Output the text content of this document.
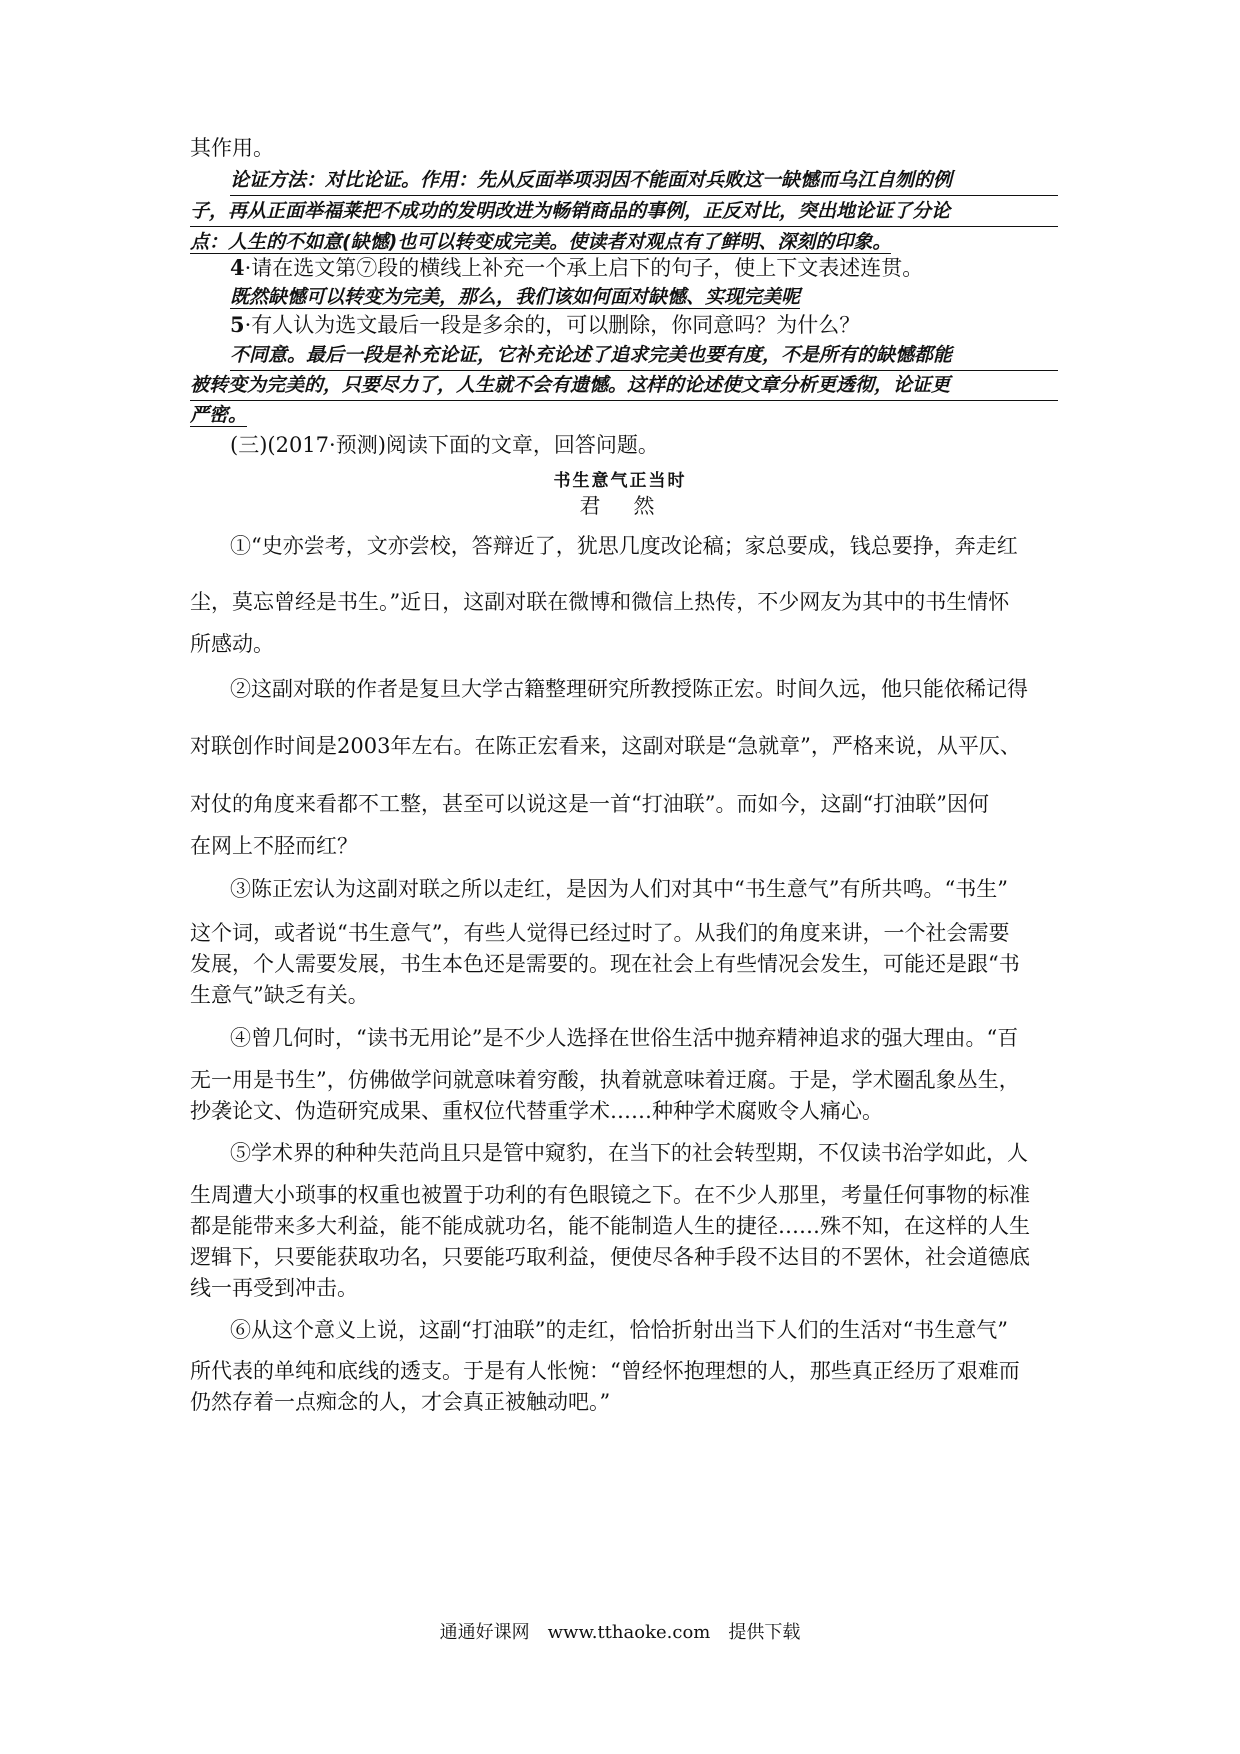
其作用。
论证方法：对比论证。作用：先从反面举项羽因不能面对兵败这一缺憾而乌江自刎的例
子，再从正面举福莱把不成功的发明改进为畅销商品的事例，正反对比，突出地论证了分论
点：人生的不如意(缺憾)也可以转变成完美。使读者对观点有了鲜明、深刻的印象。
4·请在选文第⑦段的横线上补充一个承上启下的句子，使上下文表述连贯。
既然缺憾可以转变为完美，那么，我们该如何面对缺憾、实现完美呢
5·有人认为选文最后一段是多余的，可以删除，你同意吗？为什么？
不同意。最后一段是补充论证，它补充论述了追求完美也要有度，不是所有的缺憾都能
被转变为完美的，只要尽力了，人生就不会有遗憾。这样的论述使文章分析更透彻，论证更
严密。
(三)(2017·预测)阅读下面的文章，回答问题。
书生意气正当时
君　然
①“史亦尝考，文亦尝校，答辩近了，犹思几度改论稿；家总要成，钱总要挣，奔走红
尘，莫忘曾经是书生。”近日，这副对联在微博和微信上热传，不少网友为其中的书生情怀
所感动。
②这副对联的作者是复旦大学古籍整理研究所教授陈正宏。时间久远，他只能依稀记得
对联创作时间是2003年左右。在陈正宏看来，这副对联是“急就章”，严格来说，从平仄、
对仗的角度来看都不工整，甚至可以说这是一首“打油联”。而如今，这副“打油联”因何
在网上不胫而红？
③陈正宏认为这副对联之所以走红，是因为人们对其中“书生意气”有所共鸣。“书生”
这个词，或者说“书生意气”，有些人觉得已经过时了。从我们的角度来讲，一个社会需要
发展，个人需要发展，书生本色还是需要的。现在社会上有些情况会发生，可能还是跟“书
生意气”缺乏有关。
④曾几何时，“读书无用论”是不少人选择在世俗生活中抛弃精神追求的强大理由。“百
无一用是书生”，仿佛做学问就意味着穷酸，执着就意味着迂腐。于是，学术圈乱象丛生，
抄袭论文、伪造研究成果、重权位代替重学术……种种学术腐败令人痛心。
⑤学术界的种种失范尚且只是管中窥豹，在当下的社会转型期，不仅读书治学如此，人
生周遭大小琐事的权重也被置于功利的有色眼镜之下。在不少人那里，考量任何事物的标准
都是能带来多大利益，能不能成就功名，能不能制造人生的捷径……殊不知，在这样的人生
逻辑下，只要能获取功名，只要能巧取利益，便使尽各种手段不达目的不罢休，社会道德底
线一再受到冲击。
⑥从这个意义上说，这副“打油联”的走红，恰恰折射出当下人们的生活对“书生意气”
所代表的单纯和底线的透支。于是有人怅惋：“曾经怀抱理想的人，那些真正经历了艰难而
仍然存着一点痴念的人，才会真正被触动吧。”
通通好课网　www.tthaoke.com　提供下载
